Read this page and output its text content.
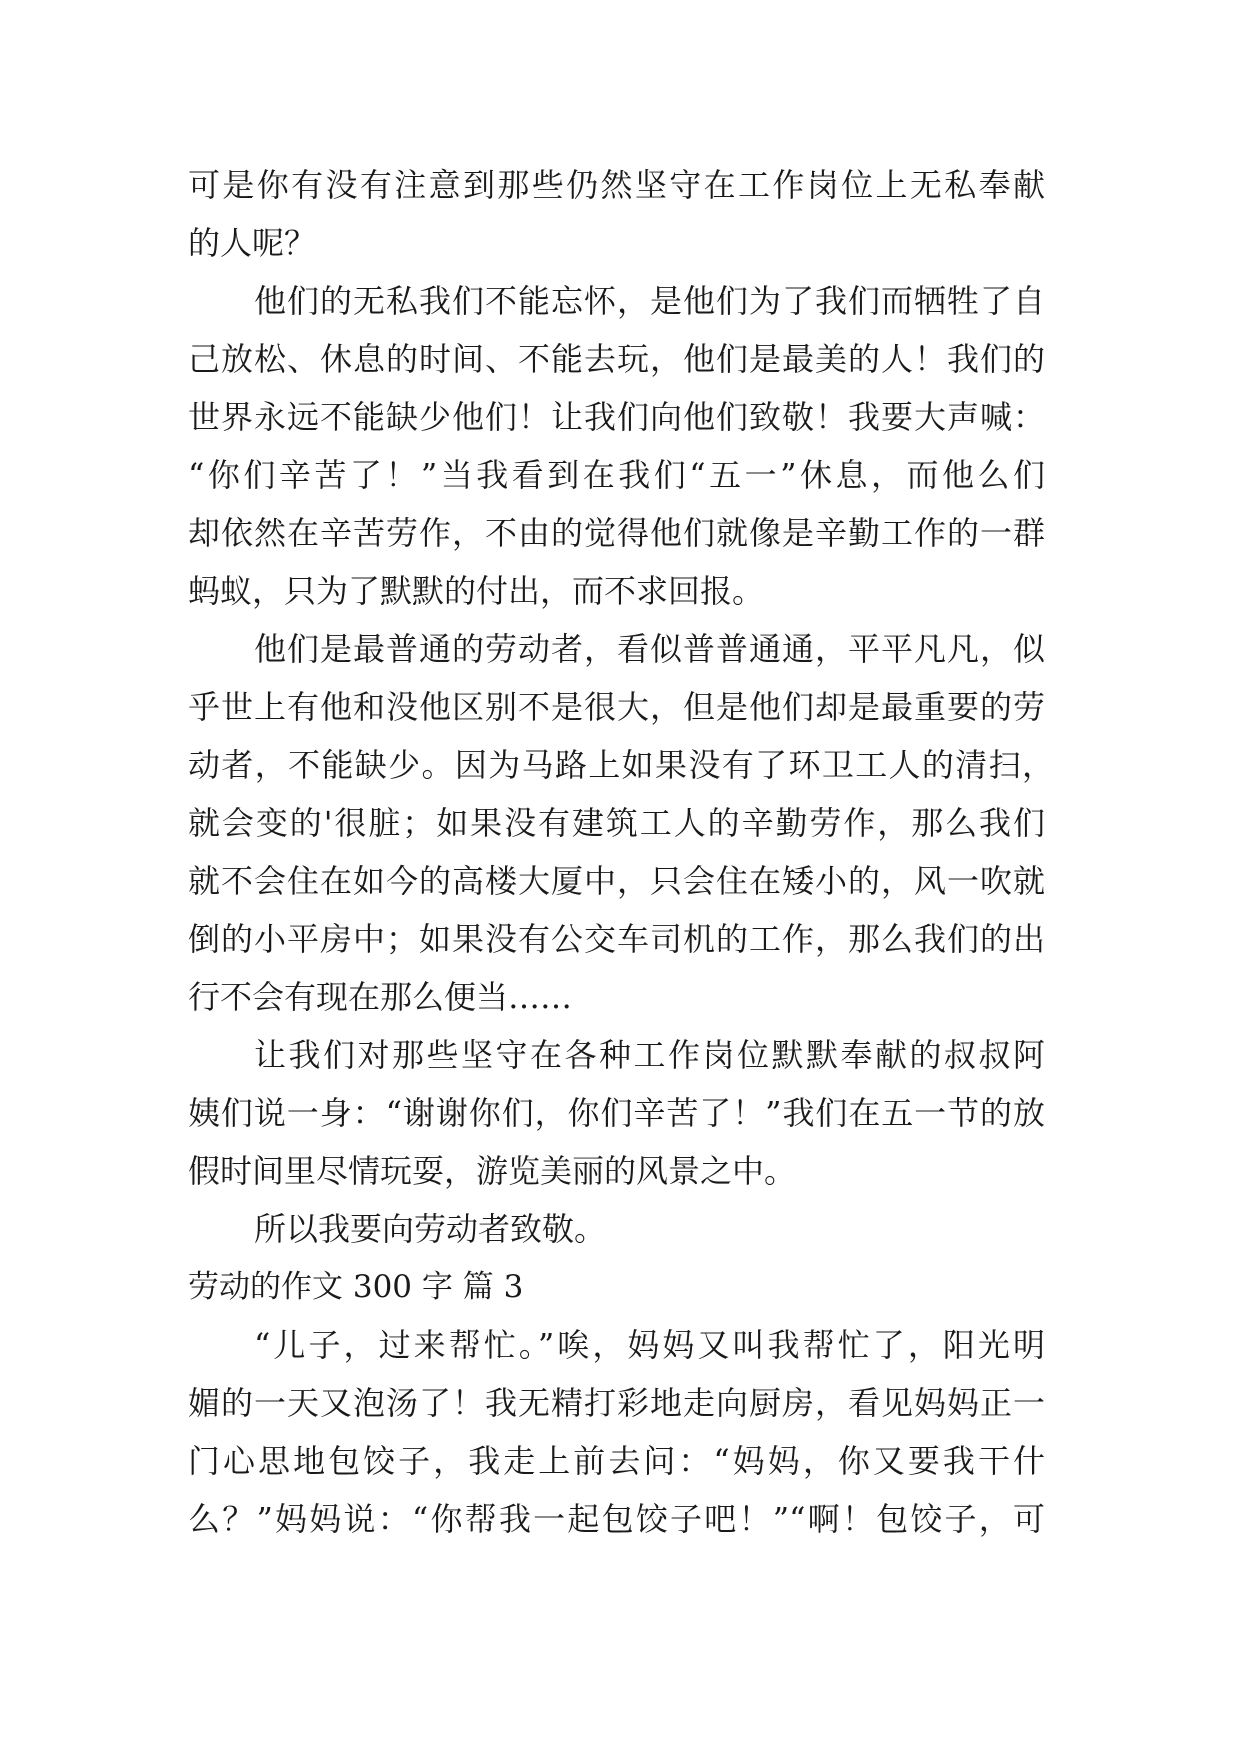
可是你有没有注意到那些仍然坚守在工作岗位上无私奉献
的人呢？
他们的无私我们不能忘怀，是他们为了我们而牺牲了自
己放松、休息的时间、不能去玩，他们是最美的人！我们的
世界永远不能缺少他们！让我们向他们致敬！我要大声喊：
“你们辛苦了！”当我看到在我们“五一”休息，而他么们
却依然在辛苦劳作，不由的觉得他们就像是辛勤工作的一群
蚂蚁，只为了默默的付出，而不求回报。
他们是最普通的劳动者，看似普普通通，平平凡凡，似
乎世上有他和没他区别不是很大，但是他们却是最重要的劳
动者，不能缺少。因为马路上如果没有了环卫工人的清扫，
就会变的'很脏；如果没有建筑工人的辛勤劳作，那么我们
就不会住在如今的高楼大厦中，只会住在矮小的，风一吹就
倒的小平房中；如果没有公交车司机的工作，那么我们的出
行不会有现在那么便当……
让我们对那些坚守在各种工作岗位默默奉献的叔叔阿
姨们说一身：“谢谢你们，你们辛苦了！”我们在五一节的放
假时间里尽情玩耍，游览美丽的风景之中。
所以我要向劳动者致敬。
劳动的作文 300 字 篇 3
“儿子，过来帮忙。”唉，妈妈又叫我帮忙了，阳光明
媚的一天又泡汤了！我无精打彩地走向厨房，看见妈妈正一
门心思地包饺子，我走上前去问：“妈妈，你又要我干什
么？”妈妈说：“你帮我一起包饺子吧！”“啊！包饺子，可
